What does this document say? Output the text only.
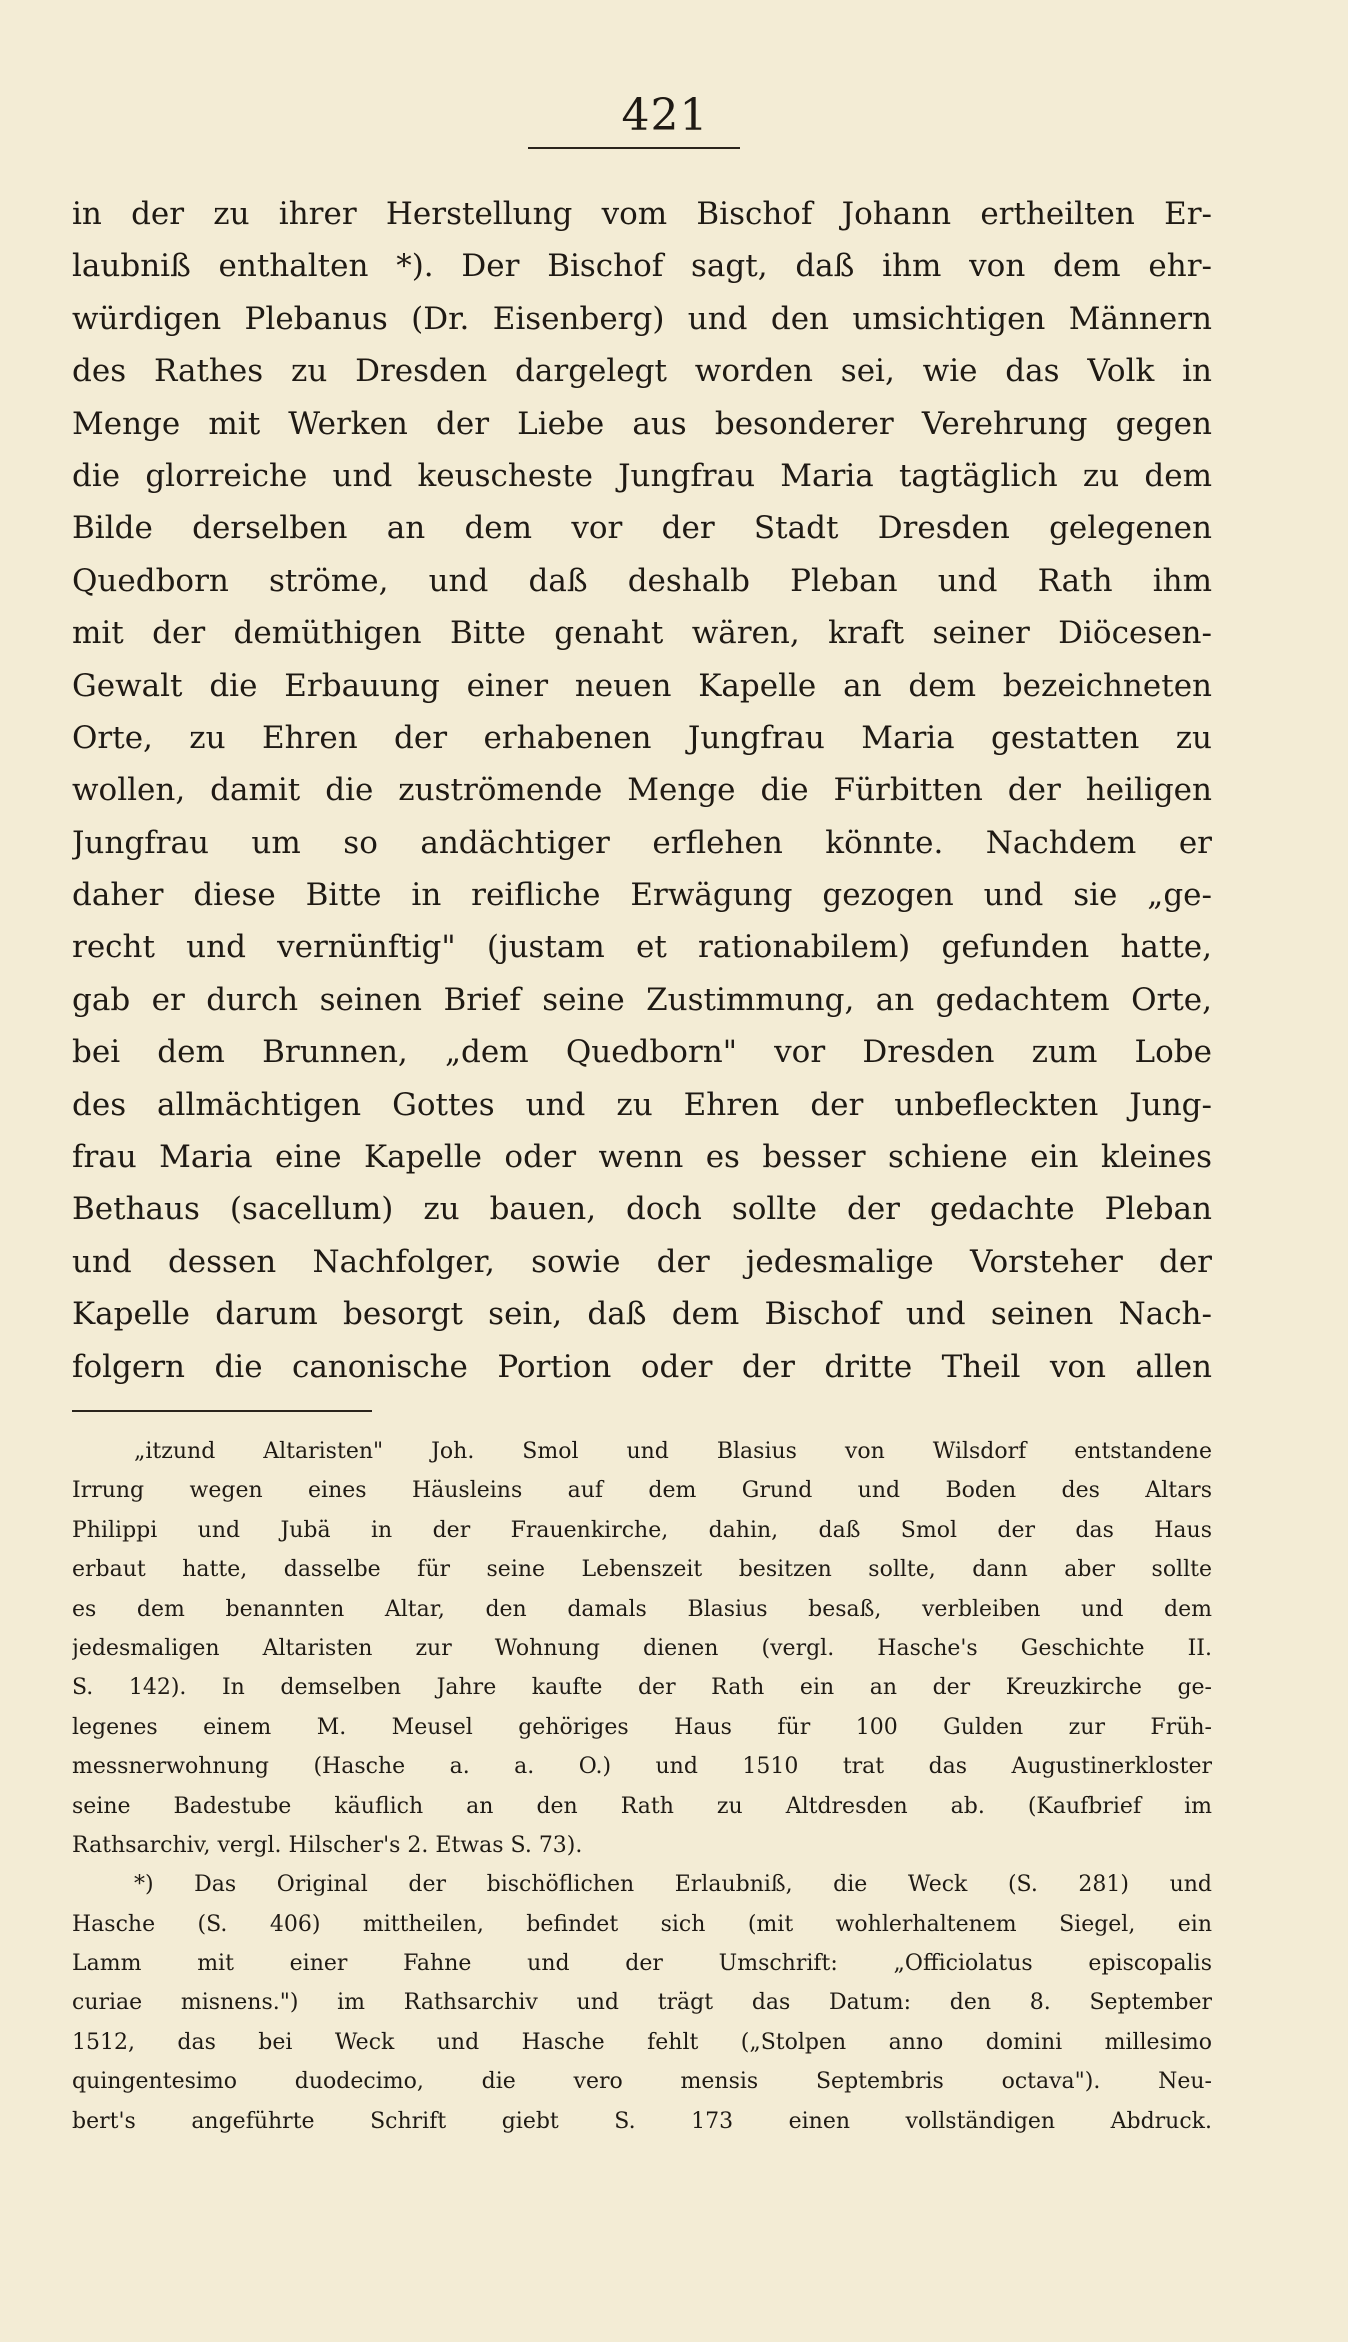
421
in der zu ihrer Herstellung vom Bischof Johann ertheilten Er-
laubniß enthalten *). Der Bischof sagt, daß ihm von dem ehr-
würdigen Plebanus (Dr. Eisenberg) und den umsichtigen Männern
des Rathes zu Dresden dargelegt worden sei, wie das Volk in
Menge mit Werken der Liebe aus besonderer Verehrung gegen
die glorreiche und keuscheste Jungfrau Maria tagtäglich zu dem
Bilde derselben an dem vor der Stadt Dresden gelegenen
Quedborn ströme, und daß deshalb Pleban und Rath ihm
mit der demüthigen Bitte genaht wären, kraft seiner Diöcesen-
Gewalt die Erbauung einer neuen Kapelle an dem bezeichneten
Orte, zu Ehren der erhabenen Jungfrau Maria gestatten zu
wollen, damit die zuströmende Menge die Fürbitten der heiligen
Jungfrau um so andächtiger erflehen könnte. Nachdem er
daher diese Bitte in reifliche Erwägung gezogen und sie „ge-
recht und vernünftig" (justam et rationabilem) gefunden hatte,
gab er durch seinen Brief seine Zustimmung, an gedachtem Orte,
bei dem Brunnen, „dem Quedborn" vor Dresden zum Lobe
des allmächtigen Gottes und zu Ehren der unbefleckten Jung-
frau Maria eine Kapelle oder wenn es besser schiene ein kleines
Bethaus (sacellum) zu bauen, doch sollte der gedachte Pleban
und dessen Nachfolger, sowie der jedesmalige Vorsteher der
Kapelle darum besorgt sein, daß dem Bischof und seinen Nach-
folgern die canonische Portion oder der dritte Theil von allen
„itzund Altaristen" Joh. Smol und Blasius von Wilsdorf entstandene
Irrung wegen eines Häusleins auf dem Grund und Boden des Altars
Philippi und Jubä in der Frauenkirche, dahin, daß Smol der das Haus
erbaut hatte, dasselbe für seine Lebenszeit besitzen sollte, dann aber sollte
es dem benannten Altar, den damals Blasius besaß, verbleiben und dem
jedesmaligen Altaristen zur Wohnung dienen (vergl. Hasche's Geschichte II.
S. 142). In demselben Jahre kaufte der Rath ein an der Kreuzkirche ge-
legenes einem M. Meusel gehöriges Haus für 100 Gulden zur Früh-
messnerwohnung (Hasche a. a. O.) und 1510 trat das Augustinerkloster
seine Badestube käuflich an den Rath zu Altdresden ab. (Kaufbrief im
Rathsarchiv, vergl. Hilscher's 2. Etwas S. 73).
*) Das Original der bischöflichen Erlaubniß, die Weck (S. 281) und
Hasche (S. 406) mittheilen, befindet sich (mit wohlerhaltenem Siegel, ein
Lamm mit einer Fahne und der Umschrift: „Officiolatus episcopalis
curiae misnens.") im Rathsarchiv und trägt das Datum: den 8. September
1512, das bei Weck und Hasche fehlt („Stolpen anno domini millesimo
quingentesimo duodecimo, die vero mensis Septembris octava"). Neu-
bert's angeführte Schrift giebt S. 173 einen vollständigen Abdruck.
